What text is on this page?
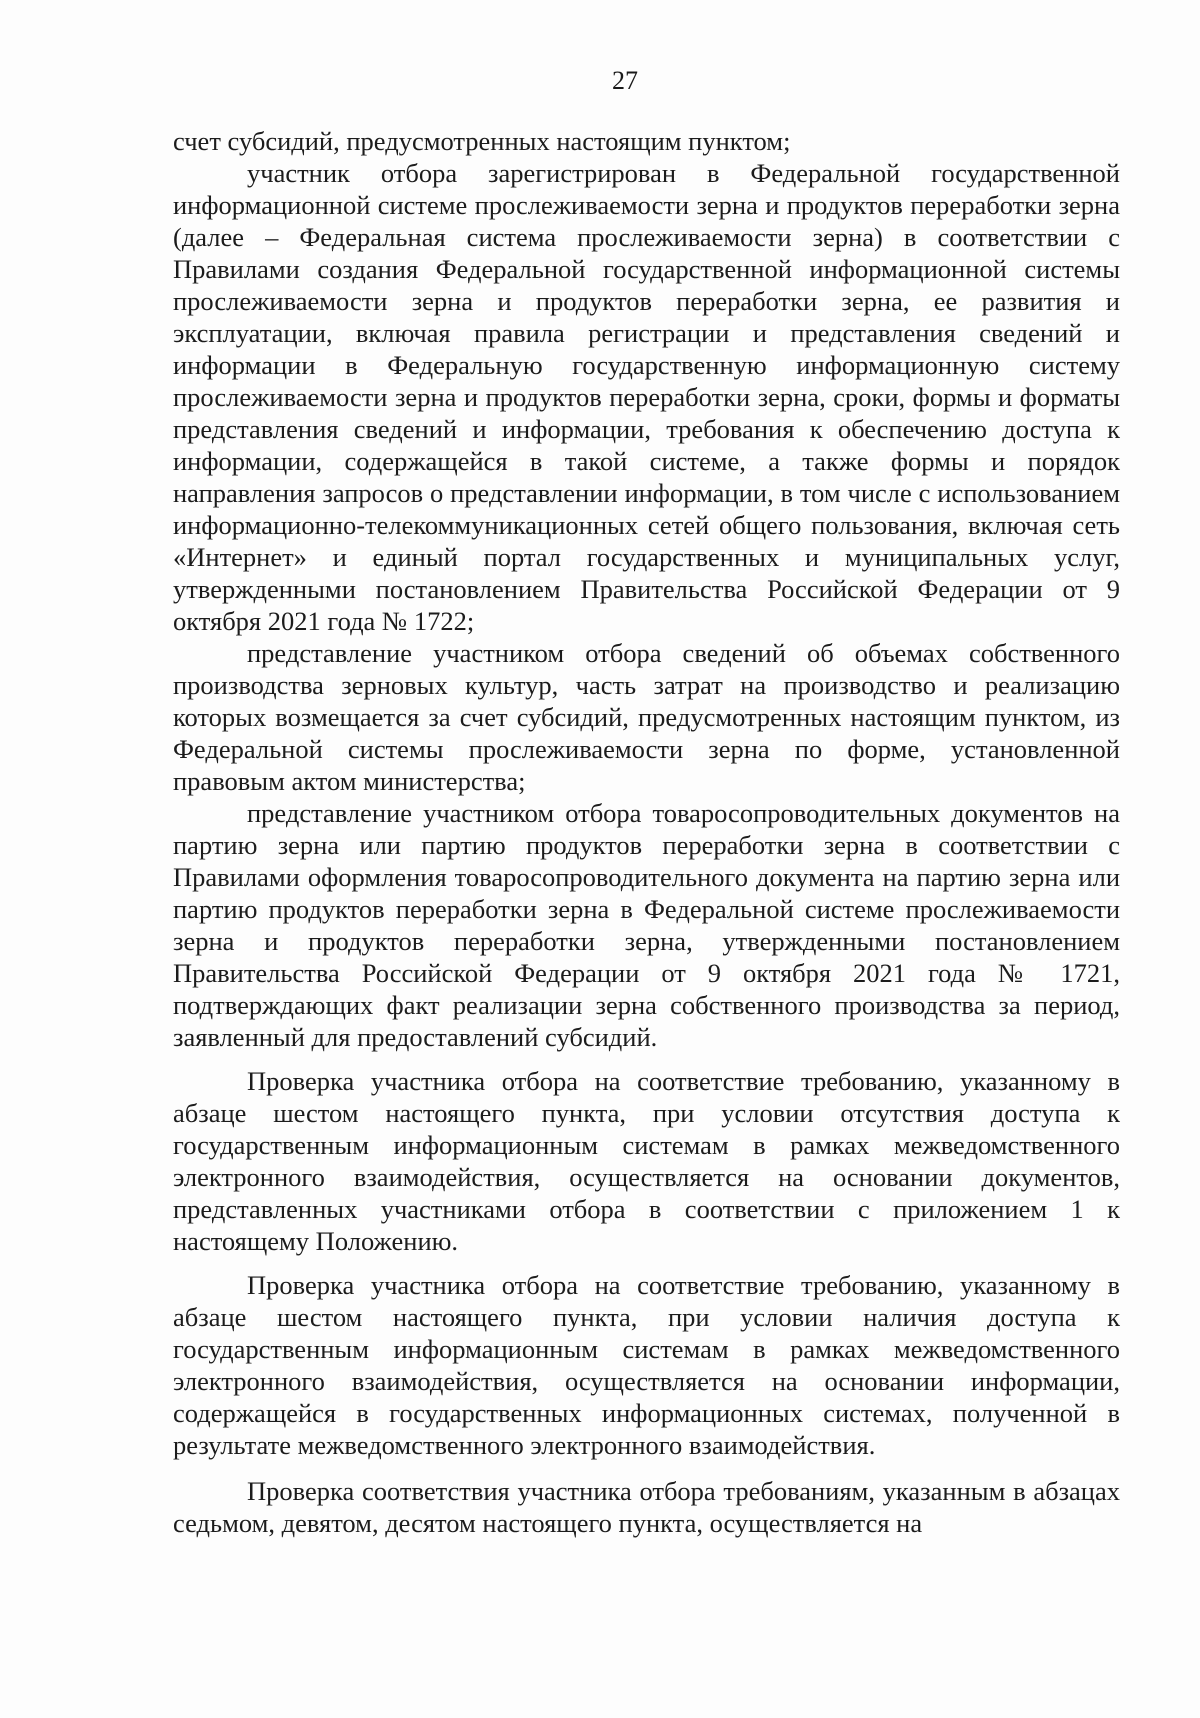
27

счет субсидий, предусмотренных настоящим пунктом;

участник отбора зарегистрирован в Федеральной государственной информационной системе прослеживаемости зерна и продуктов переработки зерна (далее – Федеральная система прослеживаемости зерна) в соответствии с Правилами создания Федеральной государственной информационной системы прослеживаемости зерна и продуктов переработки зерна, ее развития и эксплуатации, включая правила регистрации и представления сведений и информации в Федеральную государственную информационную систему прослеживаемости зерна и продуктов переработки зерна, сроки, формы и форматы представления сведений и информации, требования к обеспечению доступа к информации, содержащейся в такой системе, а также формы и порядок направления запросов о представлении информации, в том числе с использованием информационно-телекоммуникационных сетей общего пользования, включая сеть «Интернет» и единый портал государственных и муниципальных услуг, утвержденными постановлением Правительства Российской Федерации от 9 октября 2021 года № 1722;

представление участником отбора сведений об объемах собственного производства зерновых культур, часть затрат на производство и реализацию которых возмещается за счет субсидий, предусмотренных настоящим пунктом, из Федеральной системы прослеживаемости зерна по форме, установленной правовым актом министерства;

представление участником отбора товаросопроводительных документов на партию зерна или партию продуктов переработки зерна в соответствии с Правилами оформления товаросопроводительного документа на партию зерна или партию продуктов переработки зерна в Федеральной системе прослеживаемости зерна и продуктов переработки зерна, утвержденными постановлением Правительства Российской Федерации от 9 октября 2021 года № 1721, подтверждающих факт реализации зерна собственного производства за период, заявленный для предоставлений субсидий.

Проверка участника отбора на соответствие требованию, указанному в абзаце шестом настоящего пункта, при условии отсутствия доступа к государственным информационным системам в рамках межведомственного электронного взаимодействия, осуществляется на основании документов, представленных участниками отбора в соответствии с приложением 1 к настоящему Положению.

Проверка участника отбора на соответствие требованию, указанному в абзаце шестом настоящего пункта, при условии наличия доступа к государственным информационным системам в рамках межведомственного электронного взаимодействия, осуществляется на основании информации, содержащейся в государственных информационных системах, полученной в результате межведомственного электронного взаимодействия.

Проверка соответствия участника отбора требованиям, указанным в абзацах седьмом, девятом, десятом настоящего пункта, осуществляется на
